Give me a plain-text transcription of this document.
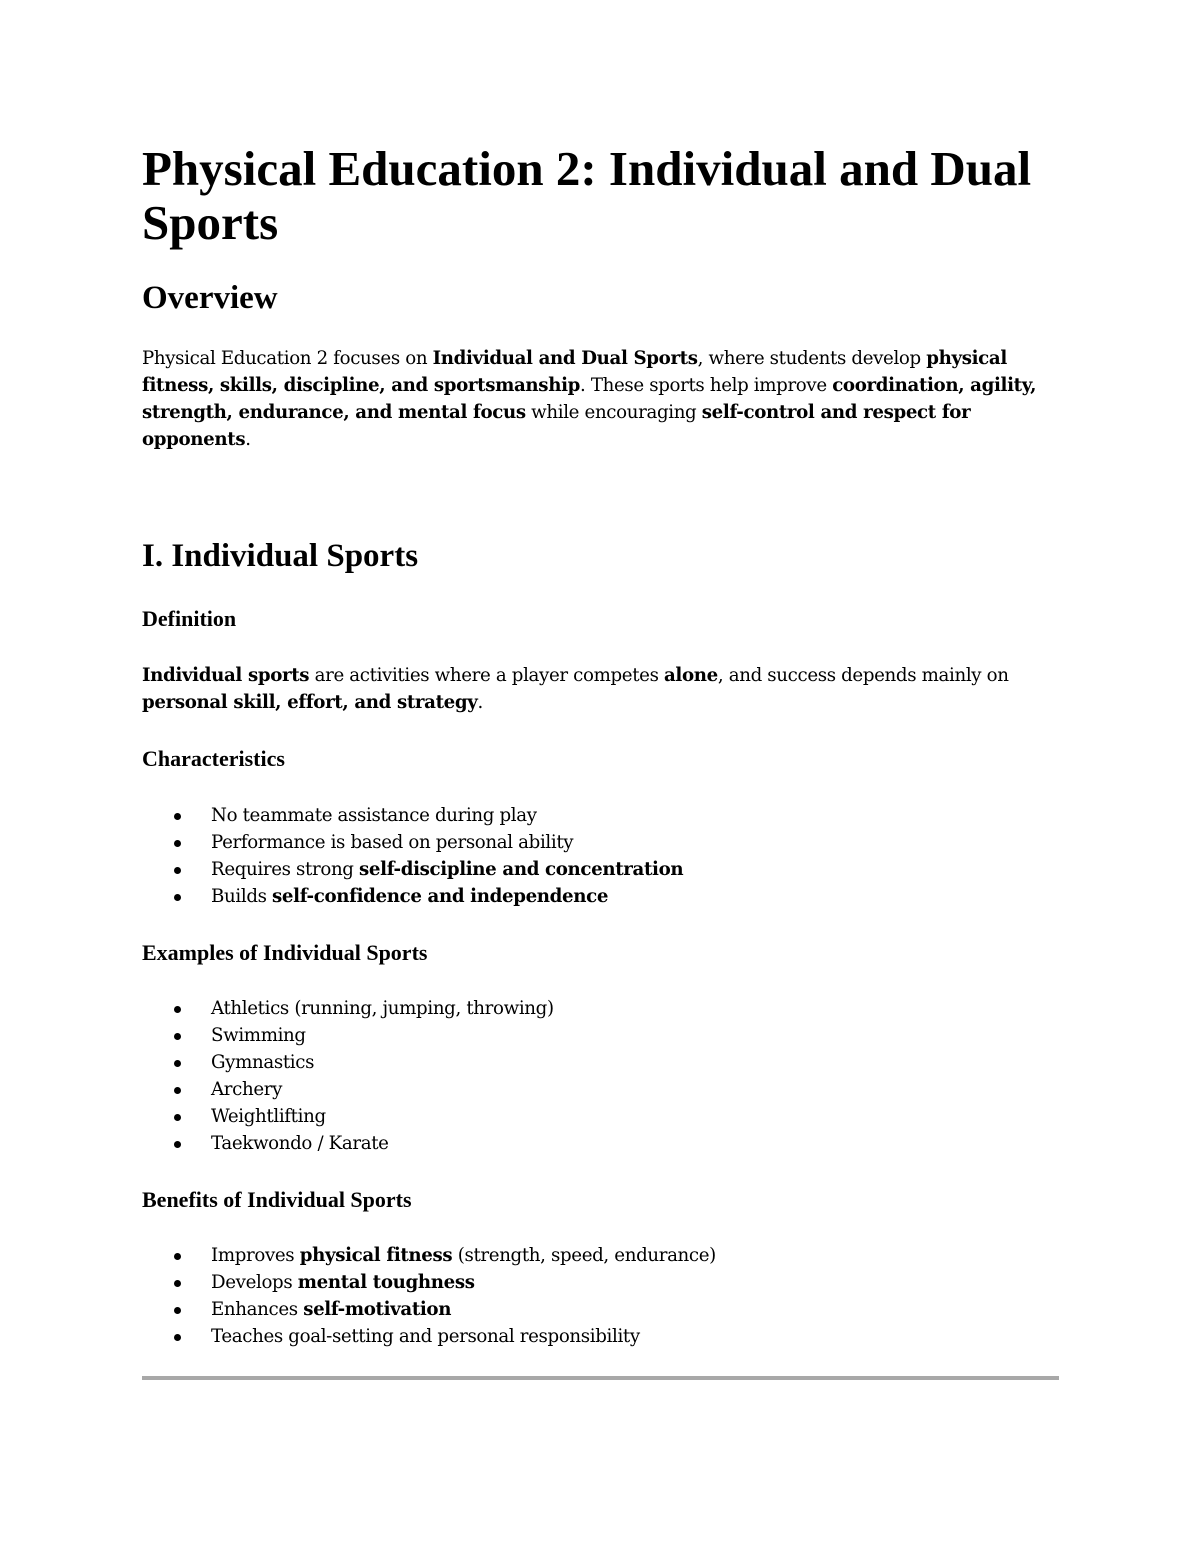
Physical Education 2: Individual and Dual Sports
Overview

Physical Education 2 focuses on Individual and Dual Sports, where students develop physical fitness, skills, discipline, and sportsmanship. These sports help improve coordination, agility, strength, endurance, and mental focus while encouraging self-control and respect for opponents.

I. Individual Sports
Definition

Individual sports are activities where a player competes alone, and success depends mainly on personal skill, effort, and strategy.

Characteristics
No teammate assistance during play
Performance is based on personal ability
Requires strong self-discipline and concentration
Builds self-confidence and independence
Examples of Individual Sports
Athletics (running, jumping, throwing)
Swimming
Gymnastics
Archery
Weightlifting
Taekwondo / Karate
Benefits of Individual Sports
Improves physical fitness (strength, speed, endurance)
Develops mental toughness
Enhances self-motivation
Teaches goal-setting and personal responsibility
